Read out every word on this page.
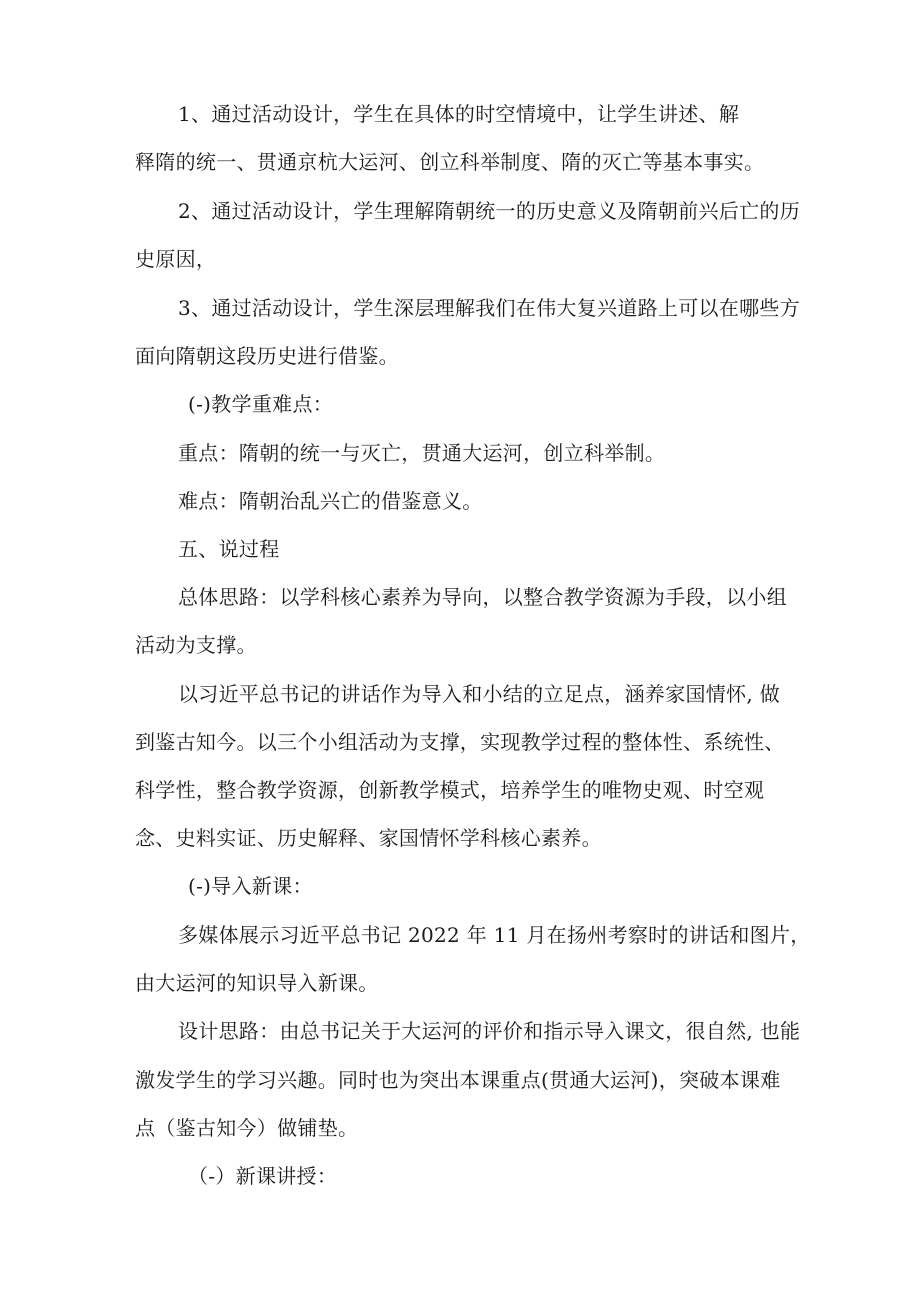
1、通过活动设计，学生在具体的时空情境中，让学生讲述、解
释隋的统一、贯通京杭大运河、创立科举制度、隋的灭亡等基本事实。
2、通过活动设计，学生理解隋朝统一的历史意义及隋朝前兴后亡的历
史原因，
3、通过活动设计，学生深层理解我们在伟大复兴道路上可以在哪些方
面向隋朝这段历史进行借鉴。
(-)教学重难点：
重点：隋朝的统一与灭亡，贯通大运河，创立科举制。
难点：隋朝治乱兴亡的借鉴意义。
五、说过程
总体思路：以学科核心素养为导向，以整合教学资源为手段，以小组
活动为支撑。
以习近平总书记的讲话作为导入和小结的立足点，涵养家国情怀, 做
到鉴古知今。以三个小组活动为支撑，实现教学过程的整体性、系统性、
科学性，整合教学资源，创新教学模式，培养学生的唯物史观、时空观
念、史料实证、历史解释、家国情怀学科核心素养。
(-)导入新课：
多媒体展示习近平总书记 2022 年 11 月在扬州考察时的讲话和图片，
由大运河的知识导入新课。
设计思路：由总书记关于大运河的评价和指示导入课文，很自然, 也能
激发学生的学习兴趣。同时也为突出本课重点(贯通大运河)，突破本课难
点（鉴古知今）做铺垫。
（-）新课讲授：
